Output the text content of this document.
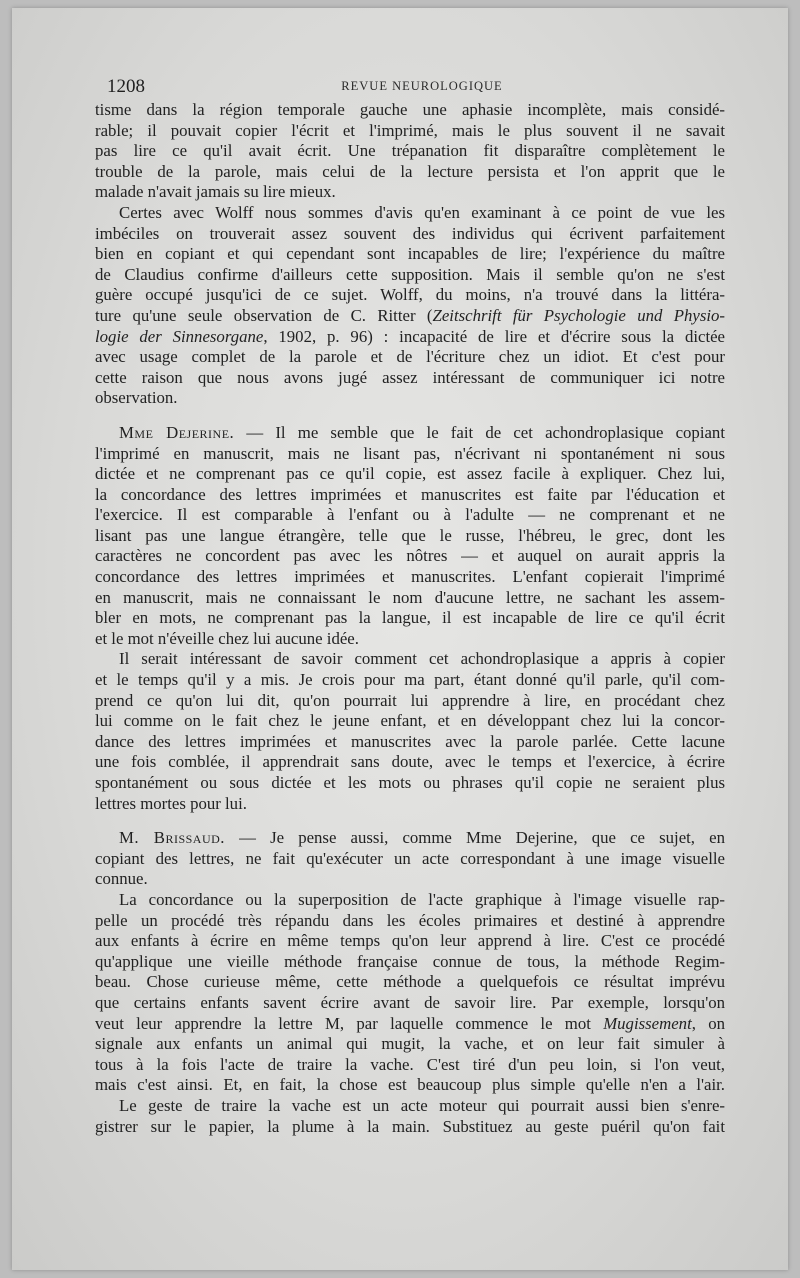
1208	REVUE NEUROLOGIQUE
tisme dans la région temporale gauche une aphasie incomplète, mais considé-
rable; il pouvait copier l'écrit et l'imprimé, mais le plus souvent il ne savait
pas lire ce qu'il avait écrit. Une trépanation fit disparaître complètement le
trouble de la parole, mais celui de la lecture persista et l'on apprit que le
malade n'avait jamais su lire mieux.
Certes avec Wolff nous sommes d'avis qu'en examinant à ce point de vue les
imbéciles on trouverait assez souvent des individus qui écrivent parfaitement
bien en copiant et qui cependant sont incapables de lire; l'expérience du maître
de Claudius confirme d'ailleurs cette supposition. Mais il semble qu'on ne s'est
guère occupé jusqu'ici de ce sujet. Wolff, du moins, n'a trouvé dans la littéra-
ture qu'une seule observation de C. Ritter (Zeitschrift für Psychologie und Physio-
logie der Sinnesorgane, 1902, p. 96) : incapacité de lire et d'écrire sous la dictée
avec usage complet de la parole et de l'écriture chez un idiot. Et c'est pour
cette raison que nous avons jugé assez intéressant de communiquer ici notre
observation.
Mme Dejerine. — Il me semble que le fait de cet achondroplasique copiant
l'imprimé en manuscrit, mais ne lisant pas, n'écrivant ni spontanément ni sous
dictée et ne comprenant pas ce qu'il copie, est assez facile à expliquer. Chez lui,
la concordance des lettres imprimées et manuscrites est faite par l'éducation et
l'exercice. Il est comparable à l'enfant ou à l'adulte — ne comprenant et ne
lisant pas une langue étrangère, telle que le russe, l'hébreu, le grec, dont les
caractères ne concordent pas avec les nôtres — et auquel on aurait appris la
concordance des lettres imprimées et manuscrites. L'enfant copierait l'imprimé
en manuscrit, mais ne connaissant le nom d'aucune lettre, ne sachant les assem-
bler en mots, ne comprenant pas la langue, il est incapable de lire ce qu'il écrit
et le mot n'éveille chez lui aucune idée.
Il serait intéressant de savoir comment cet achondroplasique a appris à copier
et le temps qu'il y a mis. Je crois pour ma part, étant donné qu'il parle, qu'il com-
prend ce qu'on lui dit, qu'on pourrait lui apprendre à lire, en procédant chez
lui comme on le fait chez le jeune enfant, et en développant chez lui la concor-
dance des lettres imprimées et manuscrites avec la parole parlée. Cette lacune
une fois comblée, il apprendrait sans doute, avec le temps et l'exercice, à écrire
spontanément ou sous dictée et les mots ou phrases qu'il copie ne seraient plus
lettres mortes pour lui.
M. Brissaud. — Je pense aussi, comme Mme Dejerine, que ce sujet, en
copiant des lettres, ne fait qu'exécuter un acte correspondant à une image visuelle
connue.
La concordance ou la superposition de l'acte graphique à l'image visuelle rap-
pelle un procédé très répandu dans les écoles primaires et destiné à apprendre
aux enfants à écrire en même temps qu'on leur apprend à lire. C'est ce procédé
qu'applique une vieille méthode française connue de tous, la méthode Regim-
beau. Chose curieuse même, cette méthode a quelquefois ce résultat imprévu
que certains enfants savent écrire avant de savoir lire. Par exemple, lorsqu'on
veut leur apprendre la lettre M, par laquelle commence le mot Mugissement, on
signale aux enfants un animal qui mugit, la vache, et on leur fait simuler à
tous à la fois l'acte de traire la vache. C'est tiré d'un peu loin, si l'on veut,
mais c'est ainsi. Et, en fait, la chose est beaucoup plus simple qu'elle n'en a l'air.
Le geste de traire la vache est un acte moteur qui pourrait aussi bien s'enre-
gistrer sur le papier, la plume à la main. Substituez au geste puéril qu'on fait
